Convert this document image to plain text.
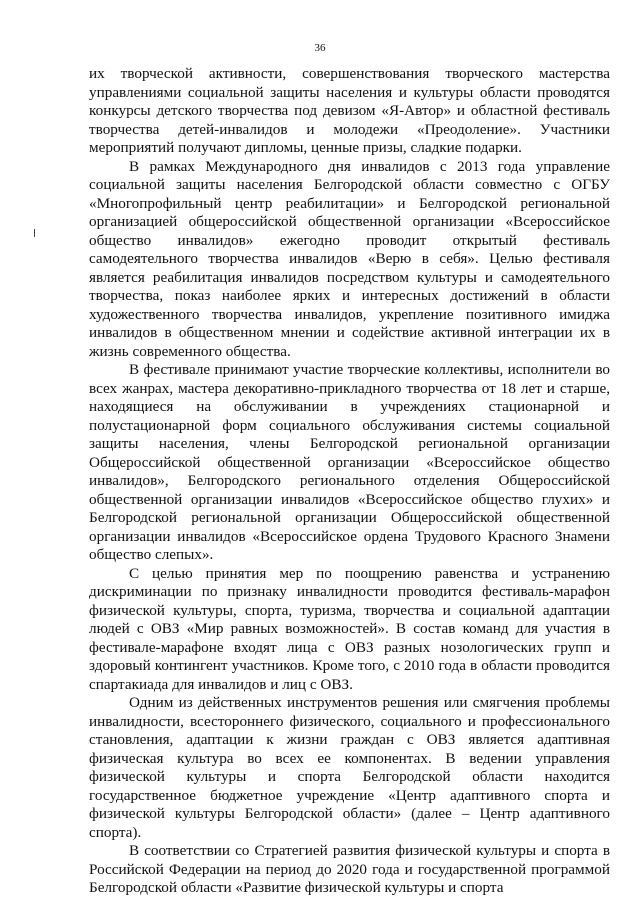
36

их творческой активности, совершенствования творческого мастерства управлениями социальной защиты населения и культуры области проводятся конкурсы детского творчества под девизом «Я-Автор» и областной фестиваль творчества детей-инвалидов и молодежи «Преодоление». Участники мероприятий получают дипломы, ценные призы, сладкие подарки.

В рамках Международного дня инвалидов с 2013 года управление социальной защиты населения Белгородской области совместно с ОГБУ «Многопрофильный центр реабилитации» и Белгородской региональной организацией общероссийской общественной организации «Всероссийское общество инвалидов» ежегодно проводит открытый фестиваль самодеятельного творчества инвалидов «Верю в себя». Целью фестиваля является реабилитация инвалидов посредством культуры и самодеятельного творчества, показ наиболее ярких и интересных достижений в области художественного творчества инвалидов, укрепление позитивного имиджа инвалидов в общественном мнении и содействие активной интеграции их в жизнь современного общества.

В фестивале принимают участие творческие коллективы, исполнители во всех жанрах, мастера декоративно-прикладного творчества от 18 лет и старше, находящиеся на обслуживании в учреждениях стационарной и полустационарной форм социального обслуживания системы социальной защиты населения, члены Белгородской региональной организации Общероссийской общественной организации «Всероссийское общество инвалидов», Белгородского регионального отделения Общероссийской общественной организации инвалидов «Всероссийское общество глухих» и Белгородской региональной организации Общероссийской общественной организации инвалидов «Всероссийское ордена Трудового Красного Знамени общество слепых».

С целью принятия мер по поощрению равенства и устранению дискриминации по признаку инвалидности проводится фестиваль-марафон физической культуры, спорта, туризма, творчества и социальной адаптации людей с ОВЗ «Мир равных возможностей». В состав команд для участия в фестивале-марафоне входят лица с ОВЗ разных нозологических групп и здоровый контингент участников. Кроме того, с 2010 года в области проводится спартакиада для инвалидов и лиц с ОВЗ.

Одним из действенных инструментов решения или смягчения проблемы инвалидности, всестороннего физического, социального и профессионального становления, адаптации к жизни граждан с ОВЗ является адаптивная физическая культура во всех ее компонентах. В ведении управления физической культуры и спорта Белгородской области находится государственное бюджетное учреждение «Центр адаптивного спорта и физической культуры Белгородской области» (далее – Центр адаптивного спорта).

В соответствии со Стратегией развития физической культуры и спорта в Российской Федерации на период до 2020 года и государственной программой Белгородской области «Развитие физической культуры и спорта
